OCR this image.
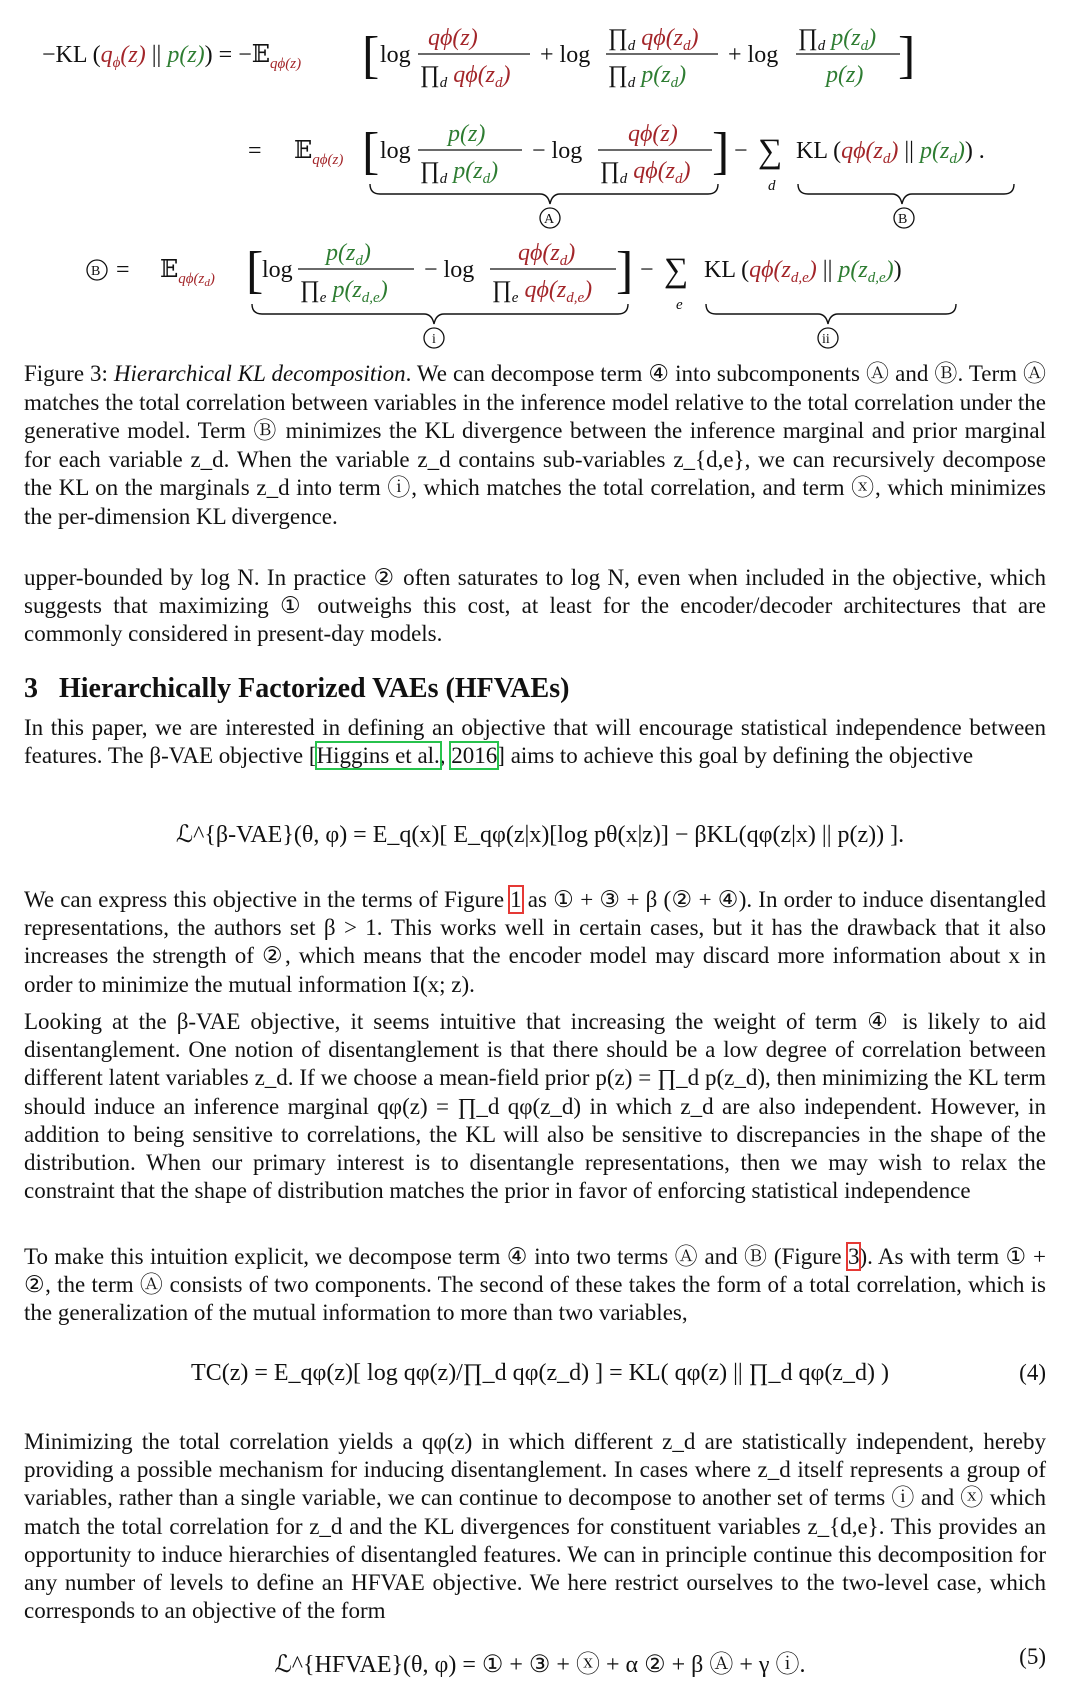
−KL ($q_\phi(z)$ || p(z)) = −𝔼$_{q\phi(z)}$ [ log
qϕ(z)
$\prod_d$ $q\phi(z_d)$
+ log
$\prod_d$ $q\phi(z_d)$
$\prod_d$ $p(z_d)$
+ log
$\prod_d$ $p(z_d)$
p(z) ]
= 𝔼$_{q\phi(z)}$ [ log
p(z)
$\prod_d$ $p(z_d)$
− log
qϕ(z)
$\prod_d$ $q\phi(z_d)$ ] − ∑
d
KL ($q\phi(z_d)$ || $p(z_d)$) .
A	B
B = 𝔼$_{q\phi(z_d)}$ [
log
$p(z_d)$
$\prod_e$ $p(z_{d,e})$
− log
$q\phi(z_d)$
$\prod_e$ $q\phi(z_{d,e})$ ] − ∑
e
KL ($q\phi(z_{d,e})$ || $p(z_{d,e})$)
i	ii
Figure 3: Hierarchical KL decomposition. We can decompose term ④ into subcomponents Ⓐ and Ⓑ. Term Ⓐ matches the total correlation between variables in the inference model relative to the total correlation under the generative model. Term Ⓑ minimizes the KL divergence between the inference marginal and prior marginal for each variable z_d. When the variable z_d contains sub-variables z_{d,e}, we can recursively decompose the KL on the marginals z_d into term ⓘ, which matches the total correlation, and term ⓧ, which minimizes the per-dimension KL divergence.

upper-bounded by log N. In practice ② often saturates to log N, even when included in the objective, which suggests that maximizing ① outweighs this cost, at least for the encoder/decoder architectures that are commonly considered in present-day models.

3 Hierarchically Factorized VAEs (HFVAEs)

In this paper, we are interested in defining an objective that will encourage statistical independence between features. The β-VAE objective [Higgins et al., 2016] aims to achieve this goal by defining the objective

ℒ^{β-VAE}(θ, φ) = E_q(x)[ E_qφ(z|x)[log pθ(x|z)] − βKL(qφ(z|x) || p(z)) ].

We can express this objective in the terms of Figure 1 as ① + ③ + β (② + ④). In order to induce disentangled representations, the authors set β > 1. This works well in certain cases, but it has the drawback that it also increases the strength of ②, which means that the encoder model may discard more information about x in order to minimize the mutual information I(x; z).

Looking at the β-VAE objective, it seems intuitive that increasing the weight of term ④ is likely to aid disentanglement. One notion of disentanglement is that there should be a low degree of correlation between different latent variables z_d. If we choose a mean-field prior p(z) = ∏_d p(z_d), then minimizing the KL term should induce an inference marginal qφ(z) = ∏_d qφ(z_d) in which z_d are also independent. However, in addition to being sensitive to correlations, the KL will also be sensitive to discrepancies in the shape of the distribution. When our primary interest is to disentangle representations, then we may wish to relax the constraint that the shape of distribution matches the prior in favor of enforcing statistical independence

To make this intuition explicit, we decompose term ④ into two terms Ⓐ and Ⓑ (Figure 3). As with term ① + ②, the term Ⓐ consists of two components. The second of these takes the form of a total correlation, which is the generalization of the mutual information to more than two variables,

TC(z) = E_qφ(z)[ log qφ(z)/∏_d qφ(z_d) ] = KL( qφ(z) || ∏_d qφ(z_d) )	(4)

Minimizing the total correlation yields a qφ(z) in which different z_d are statistically independent, hereby providing a possible mechanism for inducing disentanglement. In cases where z_d itself represents a group of variables, rather than a single variable, we can continue to decompose to another set of terms ⓘ and ⓧ which match the total correlation for z_d and the KL divergences for constituent variables z_{d,e}. This provides an opportunity to induce hierarchies of disentangled features. We can in principle continue this decomposition for any number of levels to define an HFVAE objective. We here restrict ourselves to the two-level case, which corresponds to an objective of the form

ℒ^{HFVAE}(θ, φ) = ① + ③ + ⓧ + α ② + β Ⓐ + γ ⓘ.	(5)
